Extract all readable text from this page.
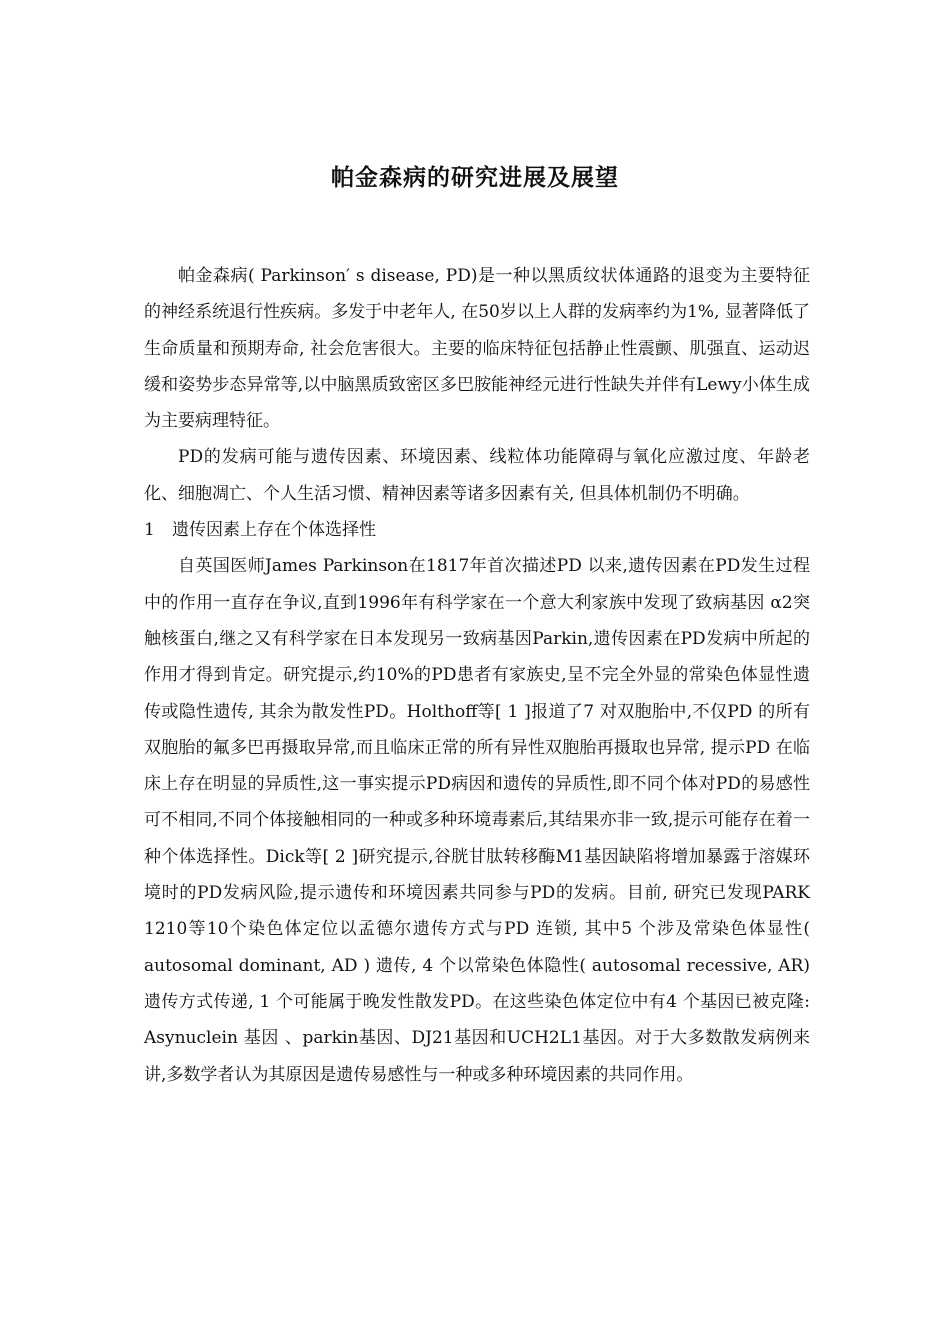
帕金森病的研究进展及展望

帕金森病( Parkinson′ s disease, PD)是一种以黑质纹状体通路的退变为主要特征的神经系统退行性疾病。多发于中老年人, 在50岁以上人群的发病率约为1%, 显著降低了生命质量和预期寿命, 社会危害很大。主要的临床特征包括静止性震颤、肌强直、运动迟缓和姿势步态异常等,以中脑黑质致密区多巴胺能神经元进行性缺失并伴有Lewy小体生成为主要病理特征。

PD的发病可能与遗传因素、环境因素、线粒体功能障碍与氧化应激过度、年龄老化、细胞凋亡、个人生活习惯、精神因素等诸多因素有关, 但具体机制仍不明确。

1 遗传因素上存在个体选择性

自英国医师James Parkinson在1817年首次描述PD 以来,遗传因素在PD发生过程中的作用一直存在争议,直到1996年有科学家在一个意大利家族中发现了致病基因 α2突触核蛋白,继之又有科学家在日本发现另一致病基因Parkin,遗传因素在PD发病中所起的作用才得到肯定。研究提示,约10%的PD患者有家族史,呈不完全外显的常染色体显性遗传或隐性遗传, 其余为散发性PD。Holthoff等[ 1 ]报道了7 对双胞胎中,不仅PD 的所有双胞胎的氟多巴再摄取异常,而且临床正常的所有异性双胞胎再摄取也异常, 提示PD 在临床上存在明显的异质性,这一事实提示PD病因和遗传的异质性,即不同个体对PD的易感性可不相同,不同个体接触相同的一种或多种环境毒素后,其结果亦非一致,提示可能存在着一种个体选择性。Dick等[ 2 ]研究提示,谷胱甘肽转移酶M1基因缺陷将增加暴露于溶媒环境时的PD发病风险,提示遗传和环境因素共同参与PD的发病。目前, 研究已发现PARK 1210等10个染色体定位以孟德尔遗传方式与PD 连锁, 其中5 个涉及常染色体显性( autosomal dominant, AD ) 遗传, 4 个以常染色体隐性( autosomal recessive, AR) 遗传方式传递, 1 个可能属于晚发性散发PD。在这些染色体定位中有4 个基因已被克隆: Asynuclein 基因 、parkin基因、DJ21基因和UCH2L1基因。对于大多数散发病例来讲,多数学者认为其原因是遗传易感性与一种或多种环境因素的共同作用。
